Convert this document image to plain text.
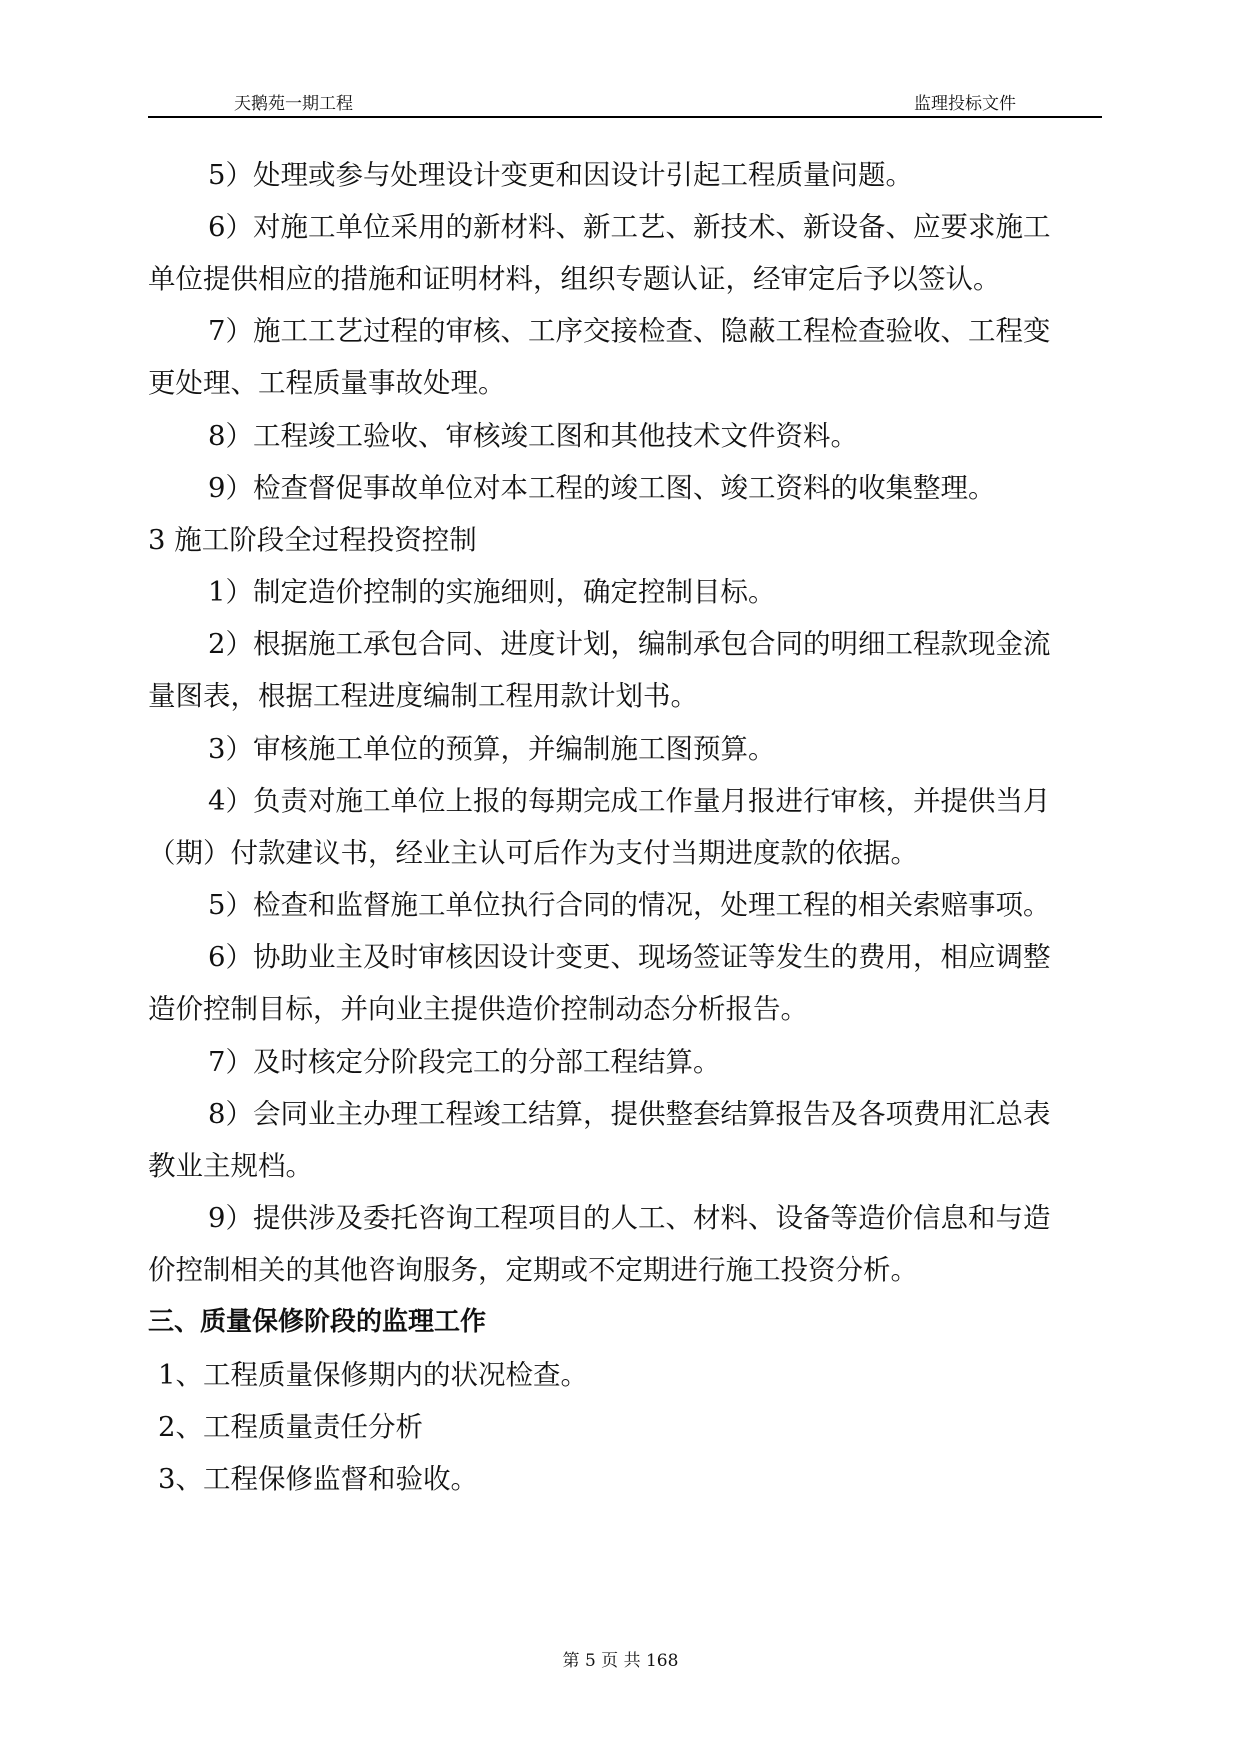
天鹅苑一期工程	监理投标文件
5）处理或参与处理设计变更和因设计引起工程质量问题。
6）对施工单位采用的新材料、新工艺、新技术、新设备、应要求施工
单位提供相应的措施和证明材料，组织专题认证，经审定后予以签认。
7）施工工艺过程的审核、工序交接检查、隐蔽工程检查验收、工程变
更处理、工程质量事故处理。
8）工程竣工验收、审核竣工图和其他技术文件资料。
9）检查督促事故单位对本工程的竣工图、竣工资料的收集整理。
3 施工阶段全过程投资控制
1）制定造价控制的实施细则，确定控制目标。
2）根据施工承包合同、进度计划，编制承包合同的明细工程款现金流
量图表，根据工程进度编制工程用款计划书。
3）审核施工单位的预算，并编制施工图预算。
4）负责对施工单位上报的每期完成工作量月报进行审核，并提供当月
（期）付款建议书，经业主认可后作为支付当期进度款的依据。
5）检查和监督施工单位执行合同的情况，处理工程的相关索赔事项。
6）协助业主及时审核因设计变更、现场签证等发生的费用，相应调整
造价控制目标，并向业主提供造价控制动态分析报告。
7）及时核定分阶段完工的分部工程结算。
8）会同业主办理工程竣工结算，提供整套结算报告及各项费用汇总表
教业主规档。
9）提供涉及委托咨询工程项目的人工、材料、设备等造价信息和与造
价控制相关的其他咨询服务，定期或不定期进行施工投资分析。
三、质量保修阶段的监理工作
1、工程质量保修期内的状况检查。
2、工程质量责任分析
3、工程保修监督和验收。
第 5 页 共 168
